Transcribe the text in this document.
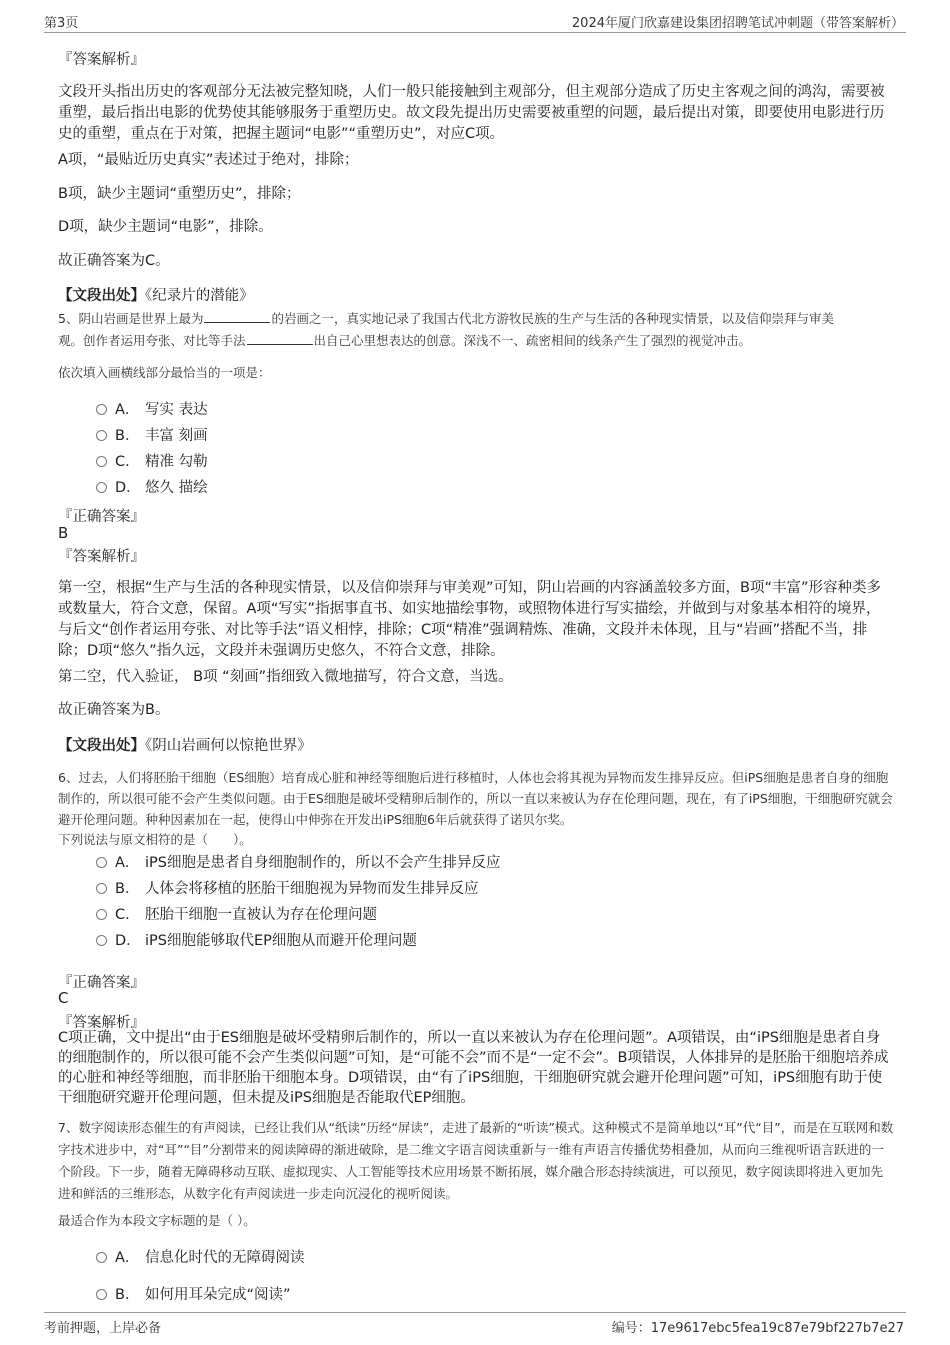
第3页	2024年厦门欣嘉建设集团招聘笔试冲刺题（带答案解析）
『答案解析』
文段开头指出历史的客观部分无法被完整知晓，人们一般只能接触到主观部分，但主观部分造成了历史主客观之间的鸿沟，需要被重塑，最后指出电影的优势使其能够服务于重塑历史。故文段先提出历史需要被重塑的问题，最后提出对策，即要使用电影进行历史的重塑，重点在于对策，把握主题词“电影”“重塑历史”，对应C项。
A项，“最贴近历史真实”表述过于绝对，排除；
B项，缺少主题词“重塑历史”，排除；
D项，缺少主题词“电影”，排除。
故正确答案为C。
【文段出处】《纪录片的潜能》
5、阴山岩画是世界上最为	的岩画之一，真实地记录了我国古代北方游牧民族的生产与生活的各种现实情景，以及信仰崇拜与审美
观。创作者运用夸张、对比等手法	出自己心里想表达的创意。深浅不一、疏密相间的线条产生了强烈的视觉冲击。
依次填入画横线部分最恰当的一项是：
A． 写实 表达
B． 丰富 刻画
C． 精准 勾勒
D． 悠久 描绘
『正确答案』
B
『答案解析』
第一空，根据“生产与生活的各种现实情景，以及信仰崇拜与审美观”可知，阴山岩画的内容涵盖较多方面，B项“丰富”形容种类多或数量大，符合文意，保留。A项“写实”指据事直书、如实地描绘事物，或照物体进行写实描绘，并做到与对象基本相符的境界，与后文“创作者运用夸张、对比等手法”语义相悖，排除；C项“精准”强调精炼、准确，文段并未体现，且与“岩画”搭配不当，排除；D项“悠久”指久远，文段并未强调历史悠久，不符合文意，排除。
第二空，代入验证， B项 “刻画”指细致入微地描写，符合文意，当选。
故正确答案为B。
【文段出处】《阴山岩画何以惊艳世界》
6、过去，人们将胚胎干细胞（ES细胞）培育成心脏和神经等细胞后进行移植时，人体也会将其视为异物而发生排异反应。但iPS细胞是患者自身的细胞制作的，所以很可能不会产生类似问题。由于ES细胞是破坏受精卵后制作的，所以一直以来被认为存在伦理问题，现在，有了iPS细胞，干细胞研究就会避开伦理问题。种种因素加在一起，使得山中伸弥在开发出iPS细胞6年后就获得了诺贝尔奖。
下列说法与原文相符的是（　　）。
A． iPS细胞是患者自身细胞制作的，所以不会产生排异反应
B． 人体会将移植的胚胎干细胞视为异物而发生排异反应
C． 胚胎干细胞一直被认为存在伦理问题
D． iPS细胞能够取代EP细胞从而避开伦理问题
『正确答案』
C
『答案解析』
C项正确，文中提出“由于ES细胞是破坏受精卵后制作的，所以一直以来被认为存在伦理问题”。A项错误，由“iPS细胞是患者自身的细胞制作的，所以很可能不会产生类似问题”可知，是“可能不会”而不是“一定不会”。B项错误，人体排异的是胚胎干细胞培养成的心脏和神经等细胞，而非胚胎干细胞本身。D项错误，由“有了iPS细胞，干细胞研究就会避开伦理问题”可知，iPS细胞有助于使干细胞研究避开伦理问题，但未提及iPS细胞是否能取代EP细胞。
7、数字阅读形态催生的有声阅读，已经让我们从“纸读”历经“屏读”，走进了最新的“听读”模式。这种模式不是简单地以“耳”代“目”，而是在互联网和数字技术进步中，对“耳”“目”分割带来的阅读障碍的渐进破除，是二维文字语言阅读重新与一维有声语言传播优势相叠加，从而向三维视听语言跃进的一个阶段。下一步，随着无障碍移动互联、虚拟现实、人工智能等技术应用场景不断拓展，媒介融合形态持续演进，可以预见，数字阅读即将进入更加先进和鲜活的三维形态，从数字化有声阅读进一步走向沉浸化的视听阅读。
最适合作为本段文字标题的是（ ）。
A． 信息化时代的无障碍阅读
B． 如何用耳朵完成“阅读”
考前押题，上岸必备	编号：17e9617ebc5fea19c87e79bf227b7e27
